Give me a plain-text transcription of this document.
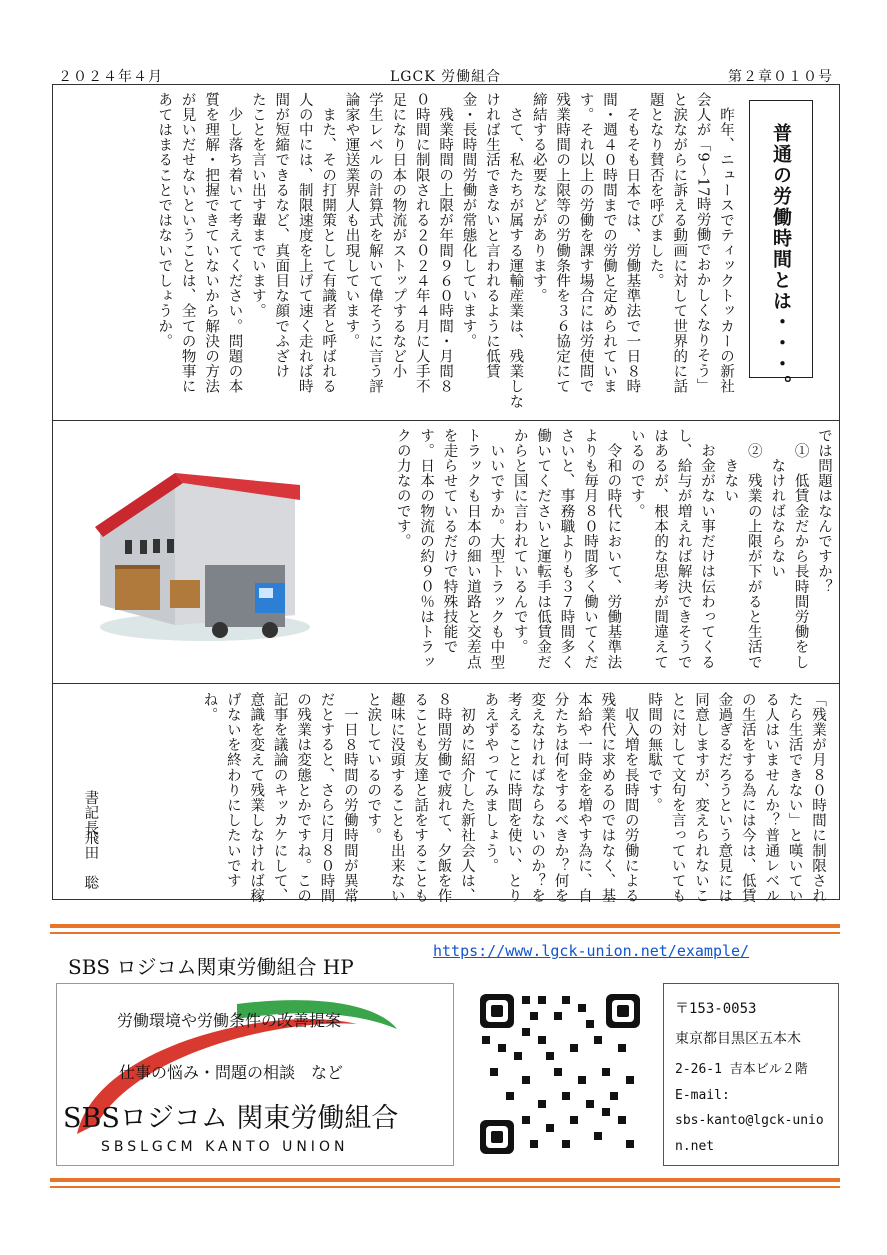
２０２４年４月	LGCK 労働組合	第２章０１０号
普通の労働時間とは・・・。
　昨年、ニュースでティックトッカーの新社
会人が「9～17時労働でおかしくなりそう」
と涙ながらに訴える動画に対して世界的に話
題となり賛否を呼びました。
　そもそも日本では、労働基準法で一日８時
間・週４０時間までの労働と定められていま
す。それ以上の労働を課す場合には労使間で
残業時間の上限等の労働条件を３６協定にて
締結する必要などがあります。
　さて、私たちが属する運輸産業は、残業しな
ければ生活できないと言われるように低賃
金・長時間労働が常態化しています。
　残業時間の上限が年間９６０時間・月間８
０時間に制限される２０２４年４月に人手不
足になり日本の物流がストップするなど小
学生レベルの計算式を解いて偉そうに言う評
論家や運送業界人も出現しています。
　また、その打開策として有識者と呼ばれる
人の中には、制限速度を上げて速く走れば時
間が短縮できるなど、真面目な顔でふざけ
たことを言い出す輩までいます。
　少し落ち着いて考えてください。問題の本
質を理解・把握できていないから解決の方法
が見いだせないということは、全ての物事に
あてはまることではないでしょうか。
では問題はなんですか？
　①　低賃金だから長時間労働をし
　　なければならない
　②　残業の上限が下がると生活で
　　きない
　お金がない事だけは伝わってくる
し、給与が増えれば解決できそうで
はあるが、根本的な思考が間違えて
いるのです。
　令和の時代において、労働基準法
よりも毎月８０時間多く働いてくだ
さいと、事務職よりも３７時間多く
働いてくださいと運転手は低賃金だ
からと国に言われているんです。
　いいですか。大型トラックも中型
トラックも日本の細い道路と交差点
を走らせているだけで特殊技能で
す。日本の物流の約９０％はトラッ
クの力なのです。
「残業が月８０時間に制限され
たら生活できない」と嘆いてい
る人はいませんか？普通レベル
の生活をする為には今は、低賃
金過ぎるだろうという意見には
同意しますが、変えられないこ
とに対して文句を言っていても
時間の無駄です。
　収入増を長時間の労働による
残業代に求めるのではなく、基
本給や一時金を増やす為に、自
分たちは何をするべきか？何を
変えなければならないのか？を
考えることに時間を使い、とり
あえずやってみましょう。
　初めに紹介した新社会人は、
８時間労働で疲れて、夕飯を作
ることも友達と話をすることも
趣味に没頭することも出来ない
と涙しているのです。
　一日８時間の労働時間が異常
だとすると、さらに月８０時間
の残業は変態とかですね。この
記事を議論のキッカケにして、
意識を変えて残業しなければ稼
げないを終わりにしたいです
ね。
書記長
飛田　聡
SBS ロジコム関東労働組合 HP
https://www.lgck-union.net/example/
労働環境や労働条件の改善提案
仕事の悩み・問題の相談　など
SBSロジコム 関東労働組合
SBSLGCM KANTO UNION
〒153-0053
東京都目黒区五本木
2-26-1 吉本ビル２階
E-mail:
sbs-kanto@lgck-union.net
